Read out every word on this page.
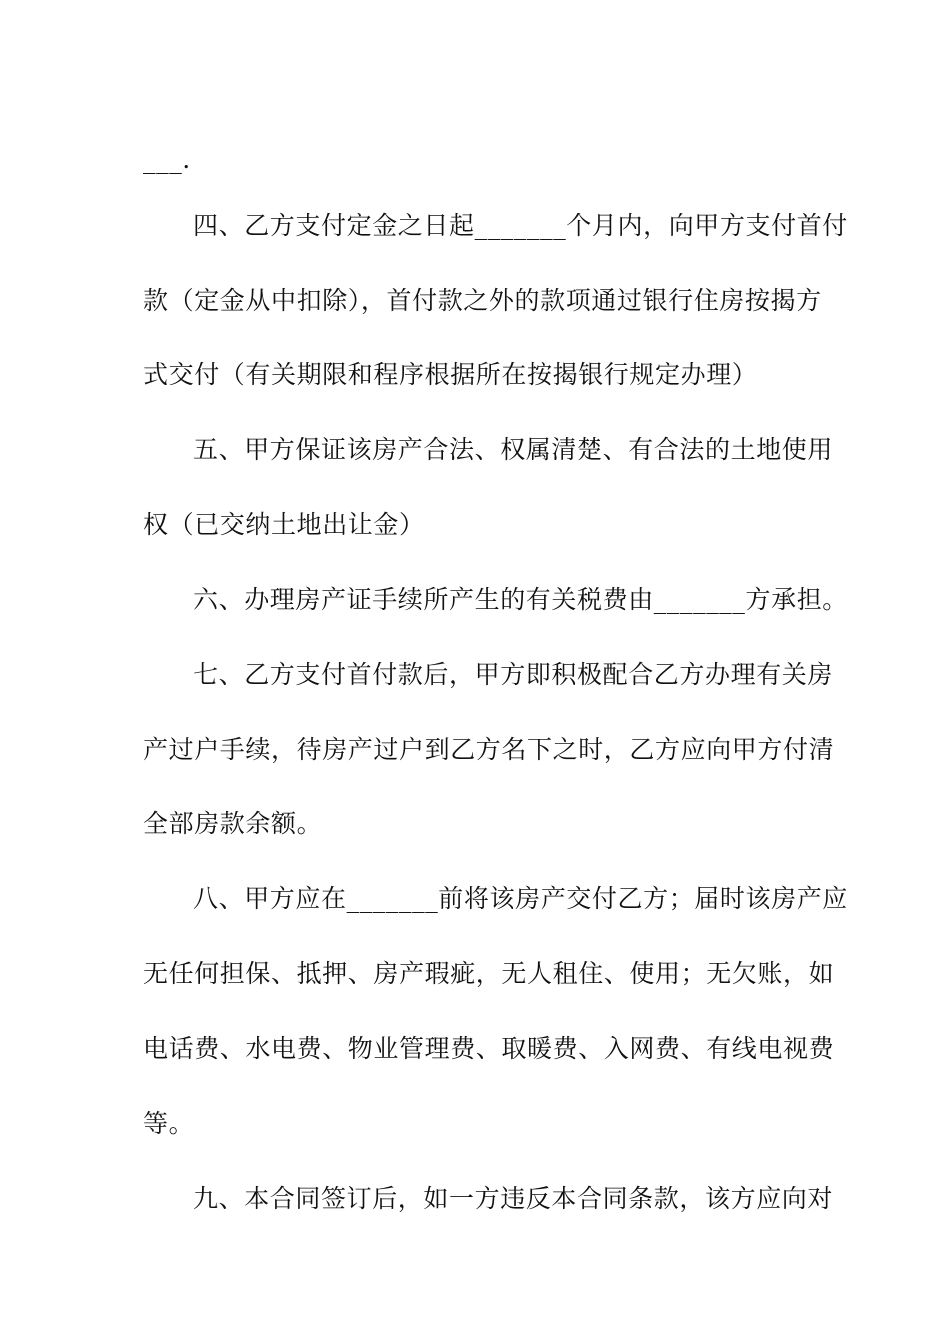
___.
四、乙方支付定金之日起_______个月内，向甲方支付首付
款（定金从中扣除），首付款之外的款项通过银行住房按揭方
式交付（有关期限和程序根据所在按揭银行规定办理）
五、甲方保证该房产合法、权属清楚、有合法的土地使用
权（已交纳土地出让金）
六、办理房产证手续所产生的有关税费由_______方承担。
七、乙方支付首付款后，甲方即积极配合乙方办理有关房
产过户手续，待房产过户到乙方名下之时，乙方应向甲方付清
全部房款余额。
八、甲方应在_______前将该房产交付乙方；届时该房产应
无任何担保、抵押、房产瑕疵，无人租住、使用；无欠账，如
电话费、水电费、物业管理费、取暖费、入网费、有线电视费
等。
九、本合同签订后，如一方违反本合同条款，该方应向对
